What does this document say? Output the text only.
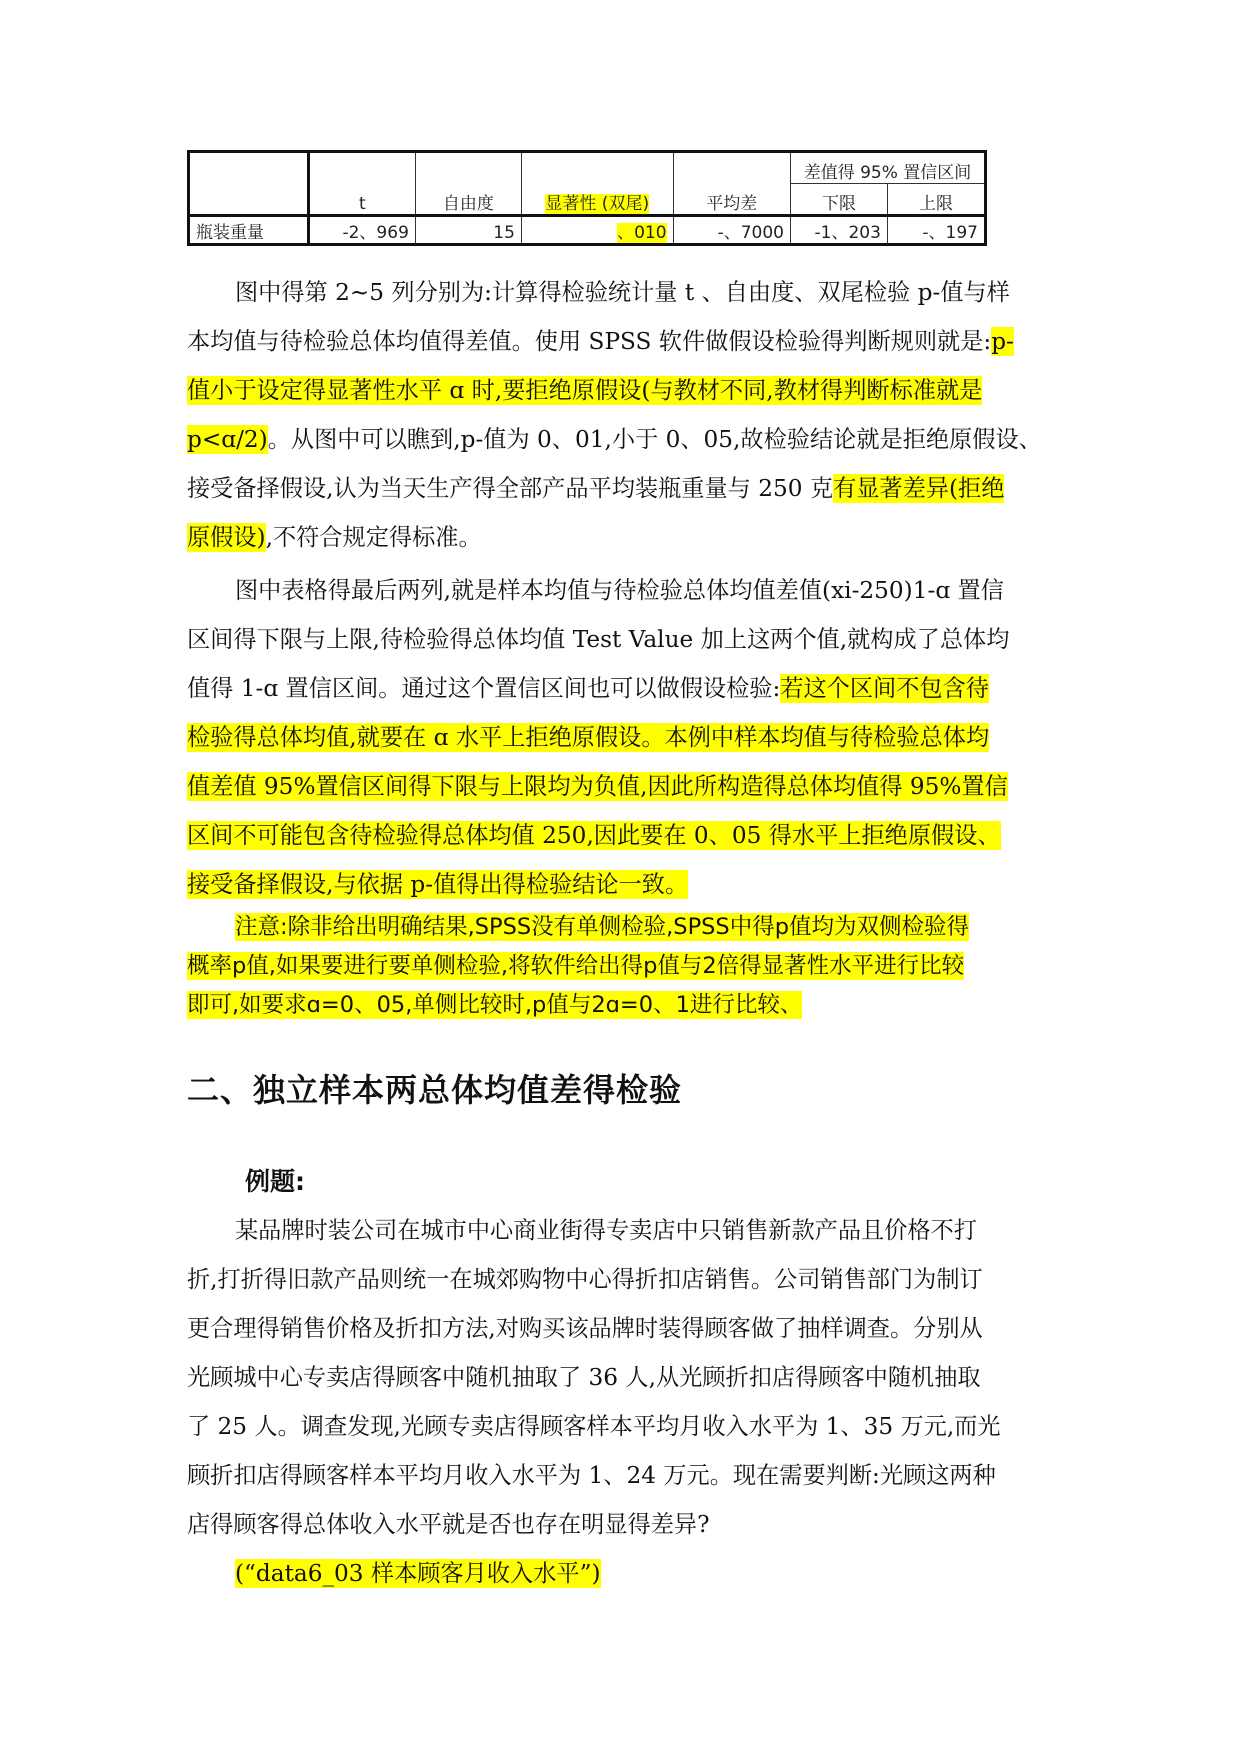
	t	自由度	显著性 (双尾)	平均差	差值得 95% 置信区间	
					下限	上限
瓶装重量	-2、969	15	、010	-、7000	-1、203	-、197
图中得第 2~5 列分别为:计算得检验统计量 t 、自由度、双尾检验 p-值与样
本均值与待检验总体均值得差值。使用 SPSS 软件做假设检验得判断规则就是:p-
值小于设定得显著性水平 ɑ 时,要拒绝原假设(与教材不同,教材得判断标准就是
p<ɑ/2)。从图中可以瞧到,p-值为 0、01,小于 0、05,故检验结论就是拒绝原假设、
接受备择假设,认为当天生产得全部产品平均装瓶重量与 250 克有显著差异(拒绝
原假设),不符合规定得标准。
图中表格得最后两列,就是样本均值与待检验总体均值差值(xi-250)1-ɑ 置信
区间得下限与上限,待检验得总体均值 Test Value 加上这两个值,就构成了总体均
值得 1-ɑ 置信区间。通过这个置信区间也可以做假设检验:若这个区间不包含待
检验得总体均值,就要在 ɑ 水平上拒绝原假设。本例中样本均值与待检验总体均
值差值 95%置信区间得下限与上限均为负值,因此所构造得总体均值得 95%置信
区间不可能包含待检验得总体均值 250,因此要在 0、05 得水平上拒绝原假设、
接受备择假设,与依据 p-值得出得检验结论一致。
注意:除非给出明确结果,SPSS没有单侧检验,SPSS中得p值均为双侧检验得
概率p值,如果要进行要单侧检验,将软件给出得p值与2倍得显著性水平进行比较
即可,如要求ɑ=0、05,单侧比较时,p值与2ɑ=0、1进行比较、
二、独立样本两总体均值差得检验
例题:
某品牌时装公司在城市中心商业街得专卖店中只销售新款产品且价格不打
折,打折得旧款产品则统一在城郊购物中心得折扣店销售。公司销售部门为制订
更合理得销售价格及折扣方法,对购买该品牌时装得顾客做了抽样调查。分别从
光顾城中心专卖店得顾客中随机抽取了 36 人,从光顾折扣店得顾客中随机抽取
了 25 人。调查发现,光顾专卖店得顾客样本平均月收入水平为 1、35 万元,而光
顾折扣店得顾客样本平均月收入水平为 1、24 万元。现在需要判断:光顾这两种
店得顾客得总体收入水平就是否也存在明显得差异?
(“data6_03 样本顾客月收入水平”)
